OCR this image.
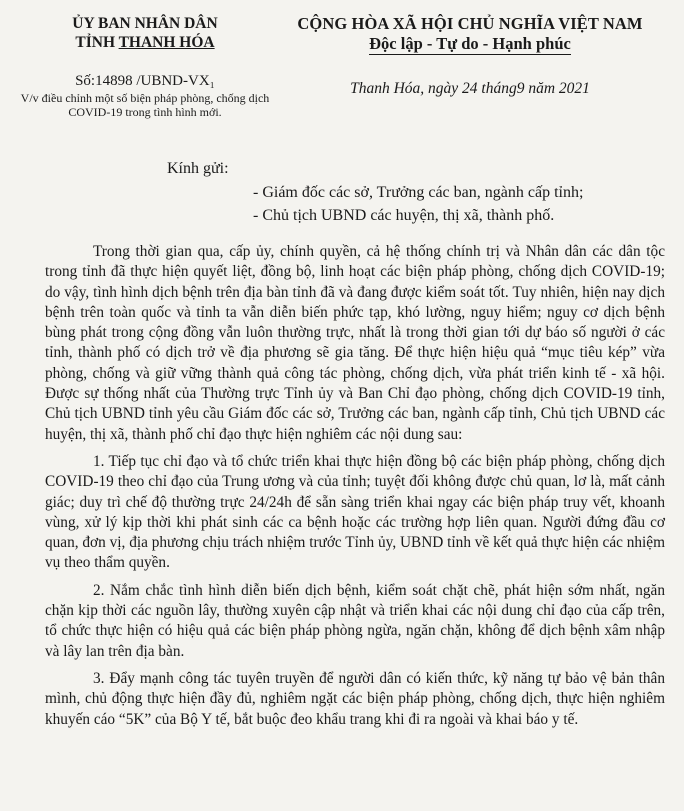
ỦY BAN NHÂN DÂN
TỈNH THANH HÓA
Số:14898 /UBND-VX₁
V/v điều chỉnh một số biện pháp phòng, chống dịch COVID-19 trong tình hình mới.
CỘNG HÒA XÃ HỘI CHỦ NGHĨA VIỆT NAM
Độc lập - Tự do - Hạnh phúc
Thanh Hóa, ngày 24 tháng9 năm 2021
Kính gửi:
- Giám đốc các sở, Trưởng các ban, ngành cấp tỉnh;
- Chủ tịch UBND các huyện, thị xã, thành phố.

Trong thời gian qua, cấp ủy, chính quyền, cả hệ thống chính trị và Nhân dân các dân tộc trong tỉnh đã thực hiện quyết liệt, đồng bộ, linh hoạt các biện pháp phòng, chống dịch COVID-19; do vậy, tình hình dịch bệnh trên địa bàn tỉnh đã và đang được kiểm soát tốt. Tuy nhiên, hiện nay dịch bệnh trên toàn quốc và tỉnh ta vẫn diễn biến phức tạp, khó lường, nguy hiểm; nguy cơ dịch bệnh bùng phát trong cộng đồng vẫn luôn thường trực, nhất là trong thời gian tới dự báo số người ở các tỉnh, thành phố có dịch trở về địa phương sẽ gia tăng. Để thực hiện hiệu quả “mục tiêu kép” vừa phòng, chống và giữ vững thành quả công tác phòng, chống dịch, vừa phát triển kinh tế - xã hội. Được sự thống nhất của Thường trực Tỉnh ủy và Ban Chỉ đạo phòng, chống dịch COVID-19 tỉnh, Chủ tịch UBND tỉnh yêu cầu Giám đốc các sở, Trưởng các ban, ngành cấp tỉnh, Chủ tịch UBND các huyện, thị xã, thành phố chỉ đạo thực hiện nghiêm các nội dung sau:

1. Tiếp tục chỉ đạo và tổ chức triển khai thực hiện đồng bộ các biện pháp phòng, chống dịch COVID-19 theo chỉ đạo của Trung ương và của tỉnh; tuyệt đối không được chủ quan, lơ là, mất cảnh giác; duy trì chế độ thường trực 24/24h để sẵn sàng triển khai ngay các biện pháp truy vết, khoanh vùng, xử lý kịp thời khi phát sinh các ca bệnh hoặc các trường hợp liên quan. Người đứng đầu cơ quan, đơn vị, địa phương chịu trách nhiệm trước Tỉnh ủy, UBND tỉnh về kết quả thực hiện các nhiệm vụ theo thẩm quyền.

2. Nắm chắc tình hình diễn biến dịch bệnh, kiểm soát chặt chẽ, phát hiện sớm nhất, ngăn chặn kịp thời các nguồn lây, thường xuyên cập nhật và triển khai các nội dung chỉ đạo của cấp trên, tổ chức thực hiện có hiệu quả các biện pháp phòng ngừa, ngăn chặn, không để dịch bệnh xâm nhập và lây lan trên địa bàn.

3. Đẩy mạnh công tác tuyên truyền để người dân có kiến thức, kỹ năng tự bảo vệ bản thân mình, chủ động thực hiện đầy đủ, nghiêm ngặt các biện pháp phòng, chống dịch, thực hiện nghiêm khuyến cáo “5K” của Bộ Y tế, bắt buộc đeo khẩu trang khi đi ra ngoài và khai báo y tế.
